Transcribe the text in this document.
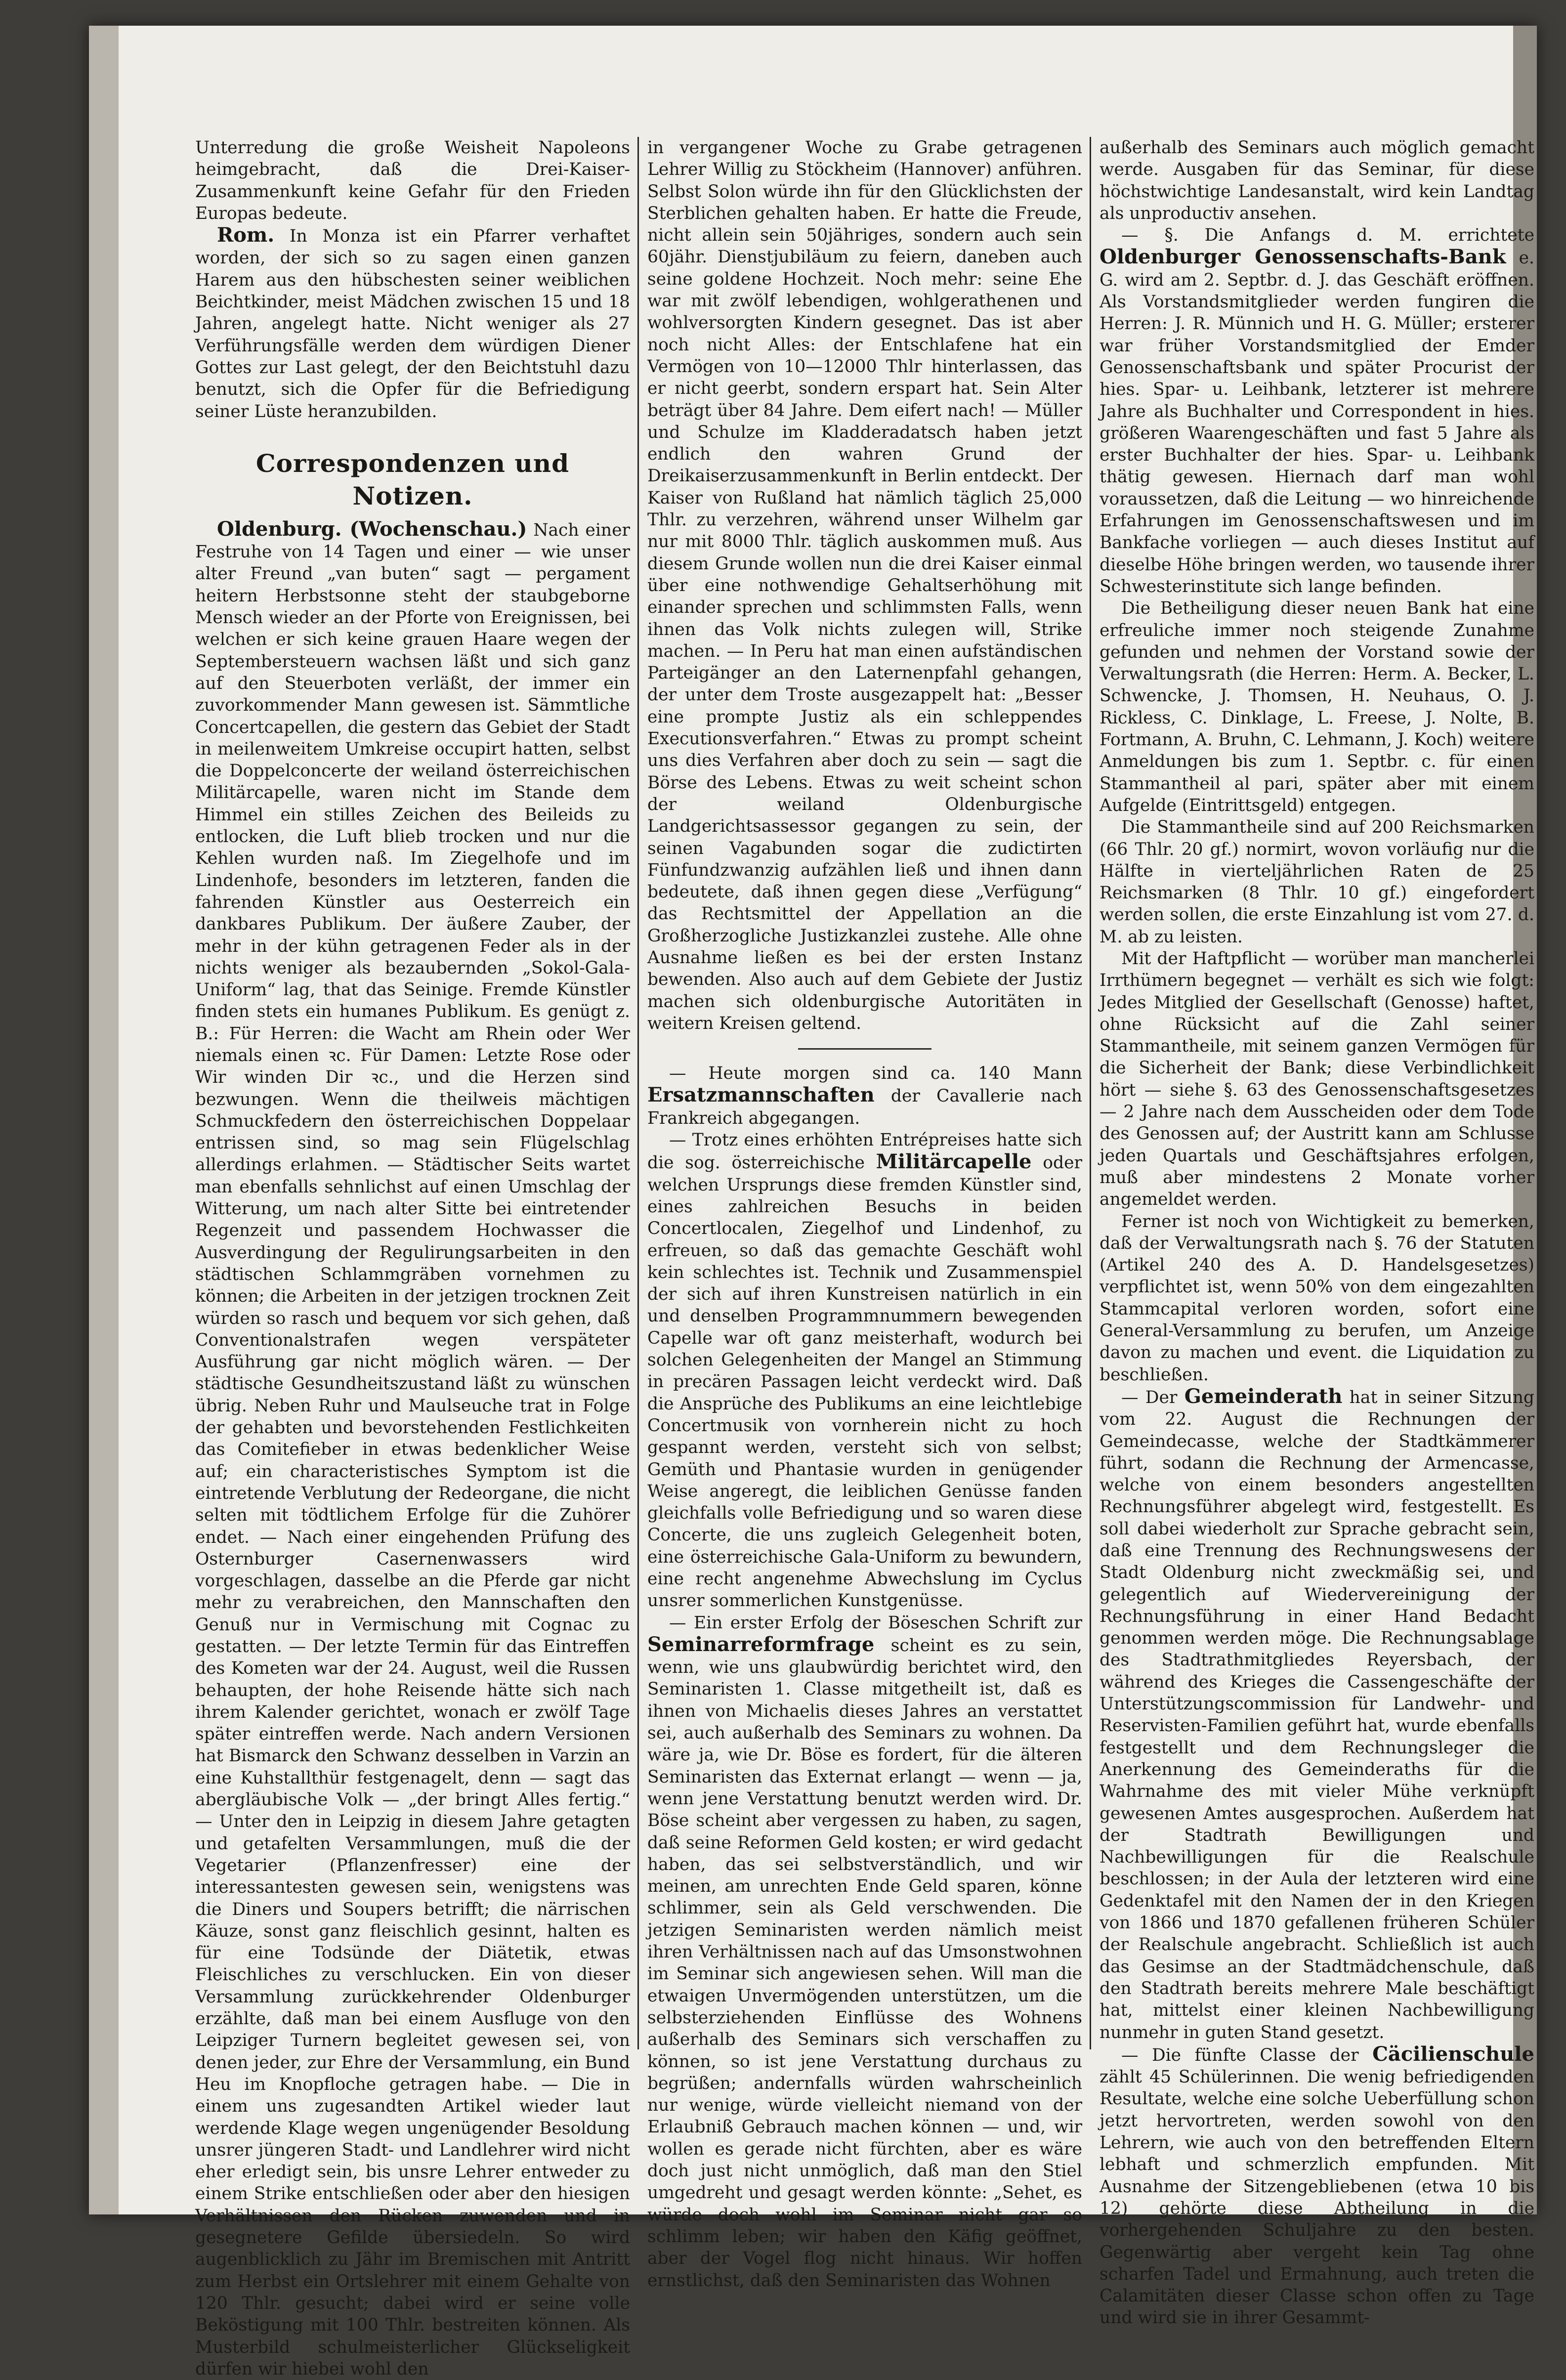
Unterredung die große Weisheit Napoleons heimgebracht, daß die Drei-Kaiser-Zusammenkunft keine Gefahr für den Frieden Europas bedeute.

Rom. In Monza ist ein Pfarrer verhaftet worden, der sich so zu sagen einen ganzen Harem aus den hübschesten seiner weiblichen Beichtkinder, meist Mädchen zwischen 15 und 18 Jahren, angelegt hatte. Nicht weniger als 27 Verführungsfälle werden dem würdigen Diener Gottes zur Last gelegt, der den Beichtstuhl dazu benutzt, sich die Opfer für die Befriedigung seiner Lüste heranzubilden.

Correspondenzen und Notizen.

Oldenburg. (Wochenschau.) Nach einer Festruhe von 14 Tagen und einer — wie unser alter Freund „van buten“ sagt — pergament heitern Herbstsonne steht der staubgeborne Mensch wieder an der Pforte von Ereignissen, bei welchen er sich keine grauen Haare wegen der Septembersteuern wachsen läßt und sich ganz auf den Steuerboten verläßt, der immer ein zuvorkommender Mann gewesen ist. Sämmtliche Concertcapellen, die gestern das Gebiet der Stadt in meilenweitem Umkreise occupirt hatten, selbst die Doppelconcerte der weiland österreichischen Militärcapelle, waren nicht im Stande dem Himmel ein stilles Zeichen des Beileids zu entlocken, die Luft blieb trocken und nur die Kehlen wurden naß. Im Ziegelhofe und im Lindenhofe, besonders im letzteren, fanden die fahrenden Künstler aus Oesterreich ein dankbares Publikum. Der äußere Zauber, der mehr in der kühn getragenen Feder als in der nichts weniger als bezaubernden „Sokol-Gala-Uniform“ lag, that das Seinige. Fremde Künstler finden stets ein humanes Publikum. Es genügt z. B.: Für Herren: die Wacht am Rhein oder Wer niemals einen ꝛc. Für Damen: Letzte Rose oder Wir winden Dir ꝛc., und die Herzen sind bezwungen. Wenn die theilweis mächtigen Schmuckfedern den österreichischen Doppelaar entrissen sind, so mag sein Flügelschlag allerdings erlahmen. — Städtischer Seits wartet man ebenfalls sehnlichst auf einen Umschlag der Witterung, um nach alter Sitte bei eintretender Regenzeit und passendem Hochwasser die Ausverdingung der Regulirungsarbeiten in den städtischen Schlammgräben vornehmen zu können; die Arbeiten in der jetzigen trocknen Zeit würden so rasch und bequem vor sich gehen, daß Conventionalstrafen wegen verspäteter Ausführung gar nicht möglich wären. — Der städtische Gesundheitszustand läßt zu wünschen übrig. Neben Ruhr und Maulseuche trat in Folge der gehabten und bevorstehenden Festlichkeiten das Comitefieber in etwas bedenklicher Weise auf; ein characteristisches Symptom ist die eintretende Verblutung der Redeorgane, die nicht selten mit tödtlichem Erfolge für die Zuhörer endet. — Nach einer eingehenden Prüfung des Osternburger Casernenwassers wird vorgeschlagen, dasselbe an die Pferde gar nicht mehr zu verabreichen, den Mannschaften den Genuß nur in Vermischung mit Cognac zu gestatten. — Der letzte Termin für das Eintreffen des Kometen war der 24. August, weil die Russen behaupten, der hohe Reisende hätte sich nach ihrem Kalender gerichtet, wonach er zwölf Tage später eintreffen werde. Nach andern Versionen hat Bismarck den Schwanz desselben in Varzin an eine Kuhstallthür festgenagelt, denn — sagt das abergläubische Volk — „der bringt Alles fertig.“ — Unter den in Leipzig in diesem Jahre getagten und getafelten Versammlungen, muß die der Vegetarier (Pflanzenfresser) eine der interessantesten gewesen sein, wenigstens was die Diners und Soupers betrifft; die närrischen Käuze, sonst ganz fleischlich gesinnt, halten es für eine Todsünde der Diätetik, etwas Fleischliches zu verschlucken. Ein von dieser Versammlung zurückkehrender Oldenburger erzählte, daß man bei einem Ausfluge von den Leipziger Turnern begleitet gewesen sei, von denen jeder, zur Ehre der Versammlung, ein Bund Heu im Knopfloche getragen habe. — Die in einem uns zugesandten Artikel wieder laut werdende Klage wegen ungenügender Besoldung unsrer jüngeren Stadt- und Landlehrer wird nicht eher erledigt sein, bis unsre Lehrer entweder zu einem Strike entschließen oder aber den hiesigen Verhältnissen den Rücken zuwenden und in gesegnetere Gefilde übersiedeln. So wird augenblicklich zu Jähr im Bremischen mit Antritt zum Herbst ein Ortslehrer mit einem Gehalte von 120 Thlr. gesucht; dabei wird er seine volle Beköstigung mit 100 Thlr. bestreiten können. Als Musterbild schulmeisterlicher Glückseligkeit dürfen wir hiebei wohl den

in vergangener Woche zu Grabe getragenen Lehrer Willig zu Stöckheim (Hannover) anführen. Selbst Solon würde ihn für den Glücklichsten der Sterblichen gehalten haben. Er hatte die Freude, nicht allein sein 50jähriges, sondern auch sein 60jähr. Dienstjubiläum zu feiern, daneben auch seine goldene Hochzeit. Noch mehr: seine Ehe war mit zwölf lebendigen, wohlgerathenen und wohlversorgten Kindern gesegnet. Das ist aber noch nicht Alles: der Entschlafene hat ein Vermögen von 10—12000 Thlr hinterlassen, das er nicht geerbt, sondern erspart hat. Sein Alter beträgt über 84 Jahre. Dem eifert nach! — Müller und Schulze im Kladderadatsch haben jetzt endlich den wahren Grund der Dreikaiserzusammenkunft in Berlin entdeckt. Der Kaiser von Rußland hat nämlich täglich 25,000 Thlr. zu verzehren, während unser Wilhelm gar nur mit 8000 Thlr. täglich auskommen muß. Aus diesem Grunde wollen nun die drei Kaiser einmal über eine nothwendige Gehaltserhöhung mit einander sprechen und schlimmsten Falls, wenn ihnen das Volk nichts zulegen will, Strike machen. — In Peru hat man einen aufständischen Parteigänger an den Laternenpfahl gehangen, der unter dem Troste ausgezappelt hat: „Besser eine prompte Justiz als ein schleppendes Executionsverfahren.“ Etwas zu prompt scheint uns dies Verfahren aber doch zu sein — sagt die Börse des Lebens. Etwas zu weit scheint schon der weiland Oldenburgische Landgerichtsassessor gegangen zu sein, der seinen Vagabunden sogar die zudictirten Fünfundzwanzig aufzählen ließ und ihnen dann bedeutete, daß ihnen gegen diese „Verfügung“ das Rechtsmittel der Appellation an die Großherzogliche Justizkanzlei zustehe. Alle ohne Ausnahme ließen es bei der ersten Instanz bewenden. Also auch auf dem Gebiete der Justiz machen sich oldenburgische Autoritäten in weitern Kreisen geltend.

— Heute morgen sind ca. 140 Mann Ersatzmannschaften der Cavallerie nach Frankreich abgegangen.

— Trotz eines erhöhten Entrépreises hatte sich die sog. österreichische Militärcapelle oder welchen Ursprungs diese fremden Künstler sind, eines zahlreichen Besuchs in beiden Concertlocalen, Ziegelhof und Lindenhof, zu erfreuen, so daß das gemachte Geschäft wohl kein schlechtes ist. Technik und Zusammenspiel der sich auf ihren Kunstreisen natürlich in ein und denselben Programmnummern bewegenden Capelle war oft ganz meisterhaft, wodurch bei solchen Gelegenheiten der Mangel an Stimmung in precären Passagen leicht verdeckt wird. Daß die Ansprüche des Publikums an eine leichtlebige Concertmusik von vornherein nicht zu hoch gespannt werden, versteht sich von selbst; Gemüth und Phantasie wurden in genügender Weise angeregt, die leiblichen Genüsse fanden gleichfalls volle Befriedigung und so waren diese Concerte, die uns zugleich Gelegenheit boten, eine österreichische Gala-Uniform zu bewundern, eine recht angenehme Abwechslung im Cyclus unsrer sommerlichen Kunstgenüsse.

— Ein erster Erfolg der Böseschen Schrift zur Seminarreformfrage scheint es zu sein, wenn, wie uns glaubwürdig berichtet wird, den Seminaristen 1. Classe mitgetheilt ist, daß es ihnen von Michaelis dieses Jahres an verstattet sei, auch außerhalb des Seminars zu wohnen. Da wäre ja, wie Dr. Böse es fordert, für die älteren Seminaristen das Externat erlangt — wenn — ja, wenn jene Verstattung benutzt werden wird. Dr. Böse scheint aber vergessen zu haben, zu sagen, daß seine Reformen Geld kosten; er wird gedacht haben, das sei selbstverständlich, und wir meinen, am unrechten Ende Geld sparen, könne schlimmer, sein als Geld verschwenden. Die jetzigen Seminaristen werden nämlich meist ihren Verhältnissen nach auf das Umsonstwohnen im Seminar sich angewiesen sehen. Will man die etwaigen Unvermögenden unterstützen, um die selbsterziehenden Einflüsse des Wohnens außerhalb des Seminars sich verschaffen zu können, so ist jene Verstattung durchaus zu begrüßen; andernfalls würden wahrscheinlich nur wenige, würde vielleicht niemand von der Erlaubniß Gebrauch machen können — und, wir wollen es gerade nicht fürchten, aber es wäre doch just nicht unmöglich, daß man den Stiel umgedreht und gesagt werden könnte: „Sehet, es würde doch wohl im Seminar nicht gar so schlimm leben; wir haben den Käfig geöffnet, aber der Vogel flog nicht hinaus. Wir hoffen ernstlichst, daß den Seminaristen das Wohnen

außerhalb des Seminars auch möglich gemacht werde. Ausgaben für das Seminar, für diese höchstwichtige Landesanstalt, wird kein Landtag als unproductiv ansehen.

— §. Die Anfangs d. M. errichtete Oldenburger Genossenschafts-Bank e. G. wird am 2. Septbr. d. J. das Geschäft eröffnen. Als Vorstandsmitglieder werden fungiren die Herren: J. R. Münnich und H. G. Müller; ersterer war früher Vorstandsmitglied der Emder Genossenschaftsbank und später Procurist der hies. Spar- u. Leihbank, letzterer ist mehrere Jahre als Buchhalter und Correspondent in hies. größeren Waarengeschäften und fast 5 Jahre als erster Buchhalter der hies. Spar- u. Leihbank thätig gewesen. Hiernach darf man wohl voraussetzen, daß die Leitung — wo hinreichende Erfahrungen im Genossenschaftswesen und im Bankfache vorliegen — auch dieses Institut auf dieselbe Höhe bringen werden, wo tausende ihrer Schwesterinstitute sich lange befinden.

Die Betheiligung dieser neuen Bank hat eine erfreuliche immer noch steigende Zunahme gefunden und nehmen der Vorstand sowie der Verwaltungsrath (die Herren: Herm. A. Becker, L. Schwencke, J. Thomsen, H. Neuhaus, O. J. Rickless, C. Dinklage, L. Freese, J. Nolte, B. Fortmann, A. Bruhn, C. Lehmann, J. Koch) weitere Anmeldungen bis zum 1. Septbr. c. für einen Stammantheil al pari, später aber mit einem Aufgelde (Eintrittsgeld) entgegen.

Die Stammantheile sind auf 200 Reichsmarken (66 Thlr. 20 gf.) normirt, wovon vorläufig nur die Hälfte in vierteljährlichen Raten de 25 Reichsmarken (8 Thlr. 10 gf.) eingefordert werden sollen, die erste Einzahlung ist vom 27. d. M. ab zu leisten.

Mit der Haftpflicht — worüber man mancherlei Irrthümern begegnet — verhält es sich wie folgt: Jedes Mitglied der Gesellschaft (Genosse) haftet, ohne Rücksicht auf die Zahl seiner Stammantheile, mit seinem ganzen Vermögen für die Sicherheit der Bank; diese Verbindlichkeit hört — siehe §. 63 des Genossenschaftsgesetzes — 2 Jahre nach dem Ausscheiden oder dem Tode des Genossen auf; der Austritt kann am Schlusse jeden Quartals und Geschäftsjahres erfolgen, muß aber mindestens 2 Monate vorher angemeldet werden.

Ferner ist noch von Wichtigkeit zu bemerken, daß der Verwaltungsrath nach §. 76 der Statuten (Artikel 240 des A. D. Handelsgesetzes) verpflichtet ist, wenn 50% von dem eingezahlten Stammcapital verloren worden, sofort eine General-Versammlung zu berufen, um Anzeige davon zu machen und event. die Liquidation zu beschließen.

— Der Gemeinderath hat in seiner Sitzung vom 22. August die Rechnungen der Gemeindecasse, welche der Stadtkämmerer führt, sodann die Rechnung der Armencasse, welche von einem besonders angestellten Rechnungsführer abgelegt wird, festgestellt. Es soll dabei wiederholt zur Sprache gebracht sein, daß eine Trennung des Rechnungswesens der Stadt Oldenburg nicht zweckmäßig sei, und gelegentlich auf Wiedervereinigung der Rechnungsführung in einer Hand Bedacht genommen werden möge. Die Rechnungsablage des Stadtrathmitgliedes Reyersbach, der während des Krieges die Cassengeschäfte der Unterstützungscommission für Landwehr- und Reservisten-Familien geführt hat, wurde ebenfalls festgestellt und dem Rechnungsleger die Anerkennung des Gemeinderaths für die Wahrnahme des mit vieler Mühe verknüpft gewesenen Amtes ausgesprochen. Außerdem hat der Stadtrath Bewilligungen und Nachbewilligungen für die Realschule beschlossen; in der Aula der letzteren wird eine Gedenktafel mit den Namen der in den Kriegen von 1866 und 1870 gefallenen früheren Schüler der Realschule angebracht. Schließlich ist auch das Gesimse an der Stadtmädchenschule, daß den Stadtrath bereits mehrere Male beschäftigt hat, mittelst einer kleinen Nachbewilligung nunmehr in guten Stand gesetzt.

— Die fünfte Classe der Cäcilienschule zählt 45 Schülerinnen. Die wenig befriedigenden Resultate, welche eine solche Ueberfüllung schon jetzt hervortreten, werden sowohl von den Lehrern, wie auch von den betreffenden Eltern lebhaft und schmerzlich empfunden. Mit Ausnahme der Sitzengebliebenen (etwa 10 bis 12) gehörte diese Abtheilung in die vorhergehenden Schuljahre zu den besten. Gegenwärtig aber vergeht kein Tag ohne scharfen Tadel und Ermahnung, auch treten die Calamitäten dieser Classe schon offen zu Tage und wird sie in ihrer Gesammt-
